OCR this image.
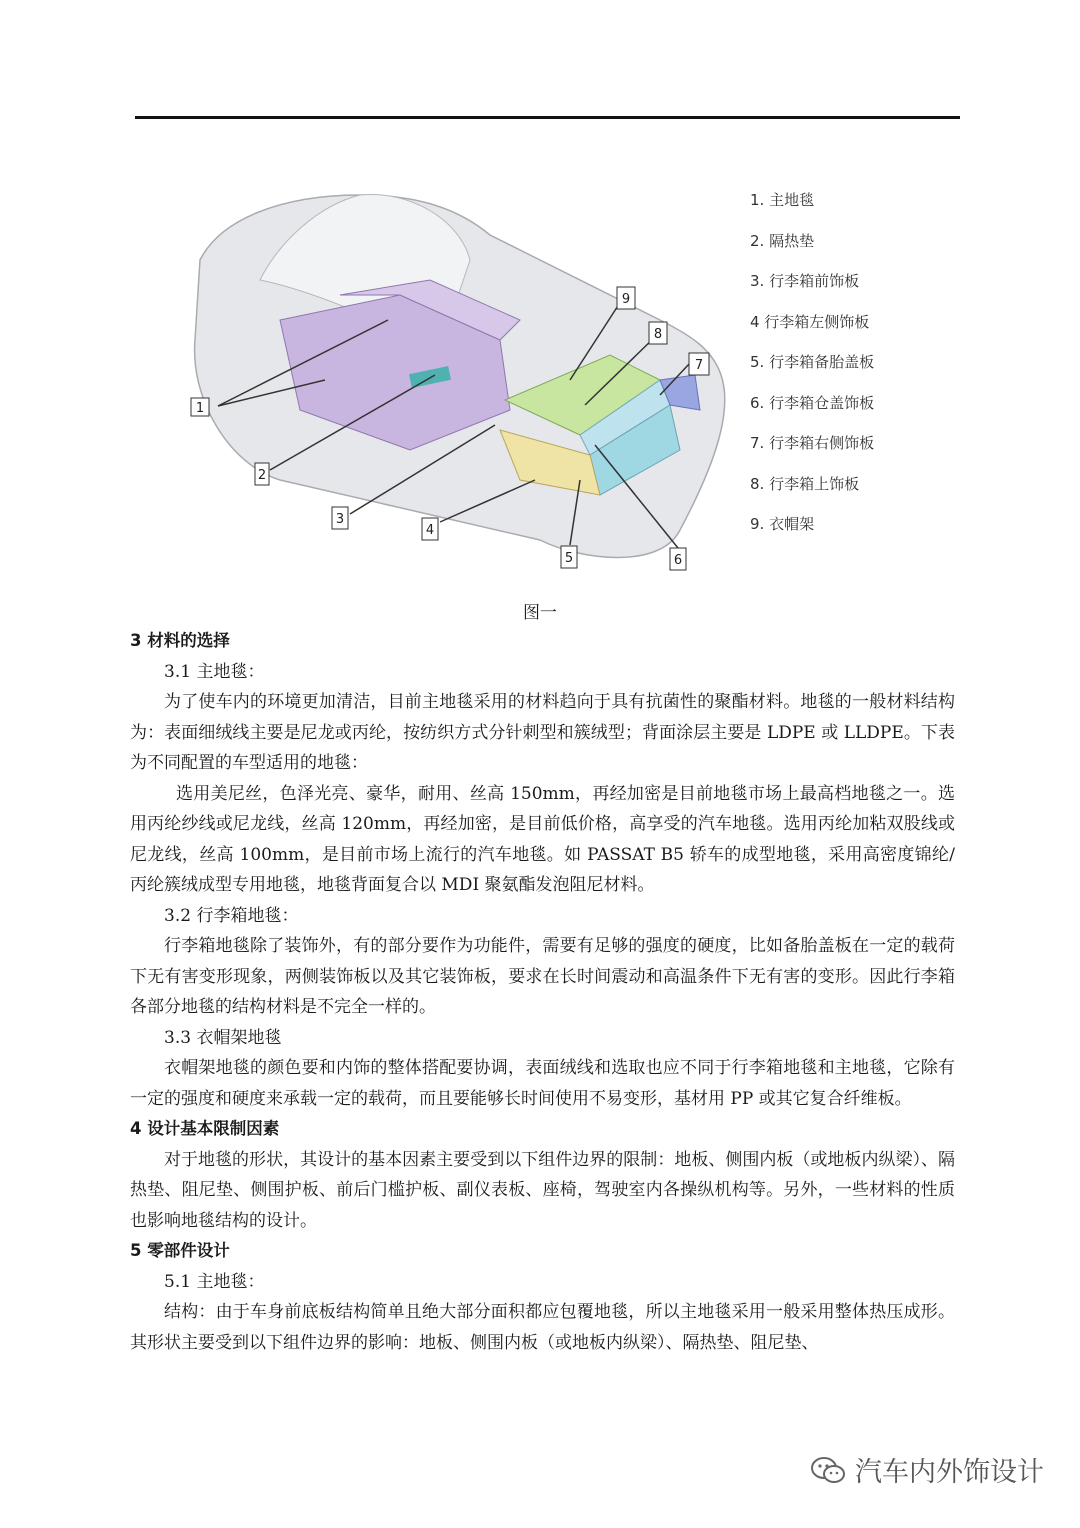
1
2
3
4
5	6
7
8
9
1. 主地毯
2. 隔热垫
3. 行李箱前饰板
4 行李箱左侧饰板
5. 行李箱备胎盖板
6. 行李箱仓盖饰板
7. 行李箱右侧饰板
8. 行李箱上饰板
9. 衣帽架
图一

3 材料的选择

3.1 主地毯：

为了使车内的环境更加清洁，目前主地毯采用的材料趋向于具有抗菌性的聚酯材料。地毯的一般材料结构为：表面细绒线主要是尼龙或丙纶，按纺织方式分针刺型和簇绒型；背面涂层主要是 LDPE 或 LLDPE。下表为不同配置的车型适用的地毯：

选用美尼丝，色泽光亮、豪华，耐用、丝高 150mm，再经加密是目前地毯市场上最高档地毯之一。选用丙纶纱线或尼龙线，丝高 120mm，再经加密，是目前低价格，高享受的汽车地毯。选用丙纶加粘双股线或尼龙线，丝高 100mm，是目前市场上流行的汽车地毯。如 PASSAT B5 轿车的成型地毯，采用高密度锦纶/丙纶簇绒成型专用地毯，地毯背面复合以 MDI 聚氨酯发泡阻尼材料。

3.2 行李箱地毯：

行李箱地毯除了装饰外，有的部分要作为功能件，需要有足够的强度的硬度，比如备胎盖板在一定的载荷下无有害变形现象，两侧装饰板以及其它装饰板，要求在长时间震动和高温条件下无有害的变形。因此行李箱各部分地毯的结构材料是不完全一样的。

3.3 衣帽架地毯

衣帽架地毯的颜色要和内饰的整体搭配要协调，表面绒线和选取也应不同于行李箱地毯和主地毯，它除有一定的强度和硬度来承载一定的载荷，而且要能够长时间使用不易变形，基材用 PP 或其它复合纤维板。

4 设计基本限制因素

对于地毯的形状，其设计的基本因素主要受到以下组件边界的限制：地板、侧围内板（或地板内纵梁）、隔热垫、阻尼垫、侧围护板、前后门槛护板、副仪表板、座椅，驾驶室内各操纵机构等。另外，一些材料的性质也影响地毯结构的设计。

5 零部件设计

5.1 主地毯：

结构：由于车身前底板结构简单且绝大部分面积都应包覆地毯，所以主地毯采用一般采用整体热压成形。其形状主要受到以下组件边界的影响：地板、侧围内板（或地板内纵梁）、隔热垫、阻尼垫、

汽车内外饰设计
